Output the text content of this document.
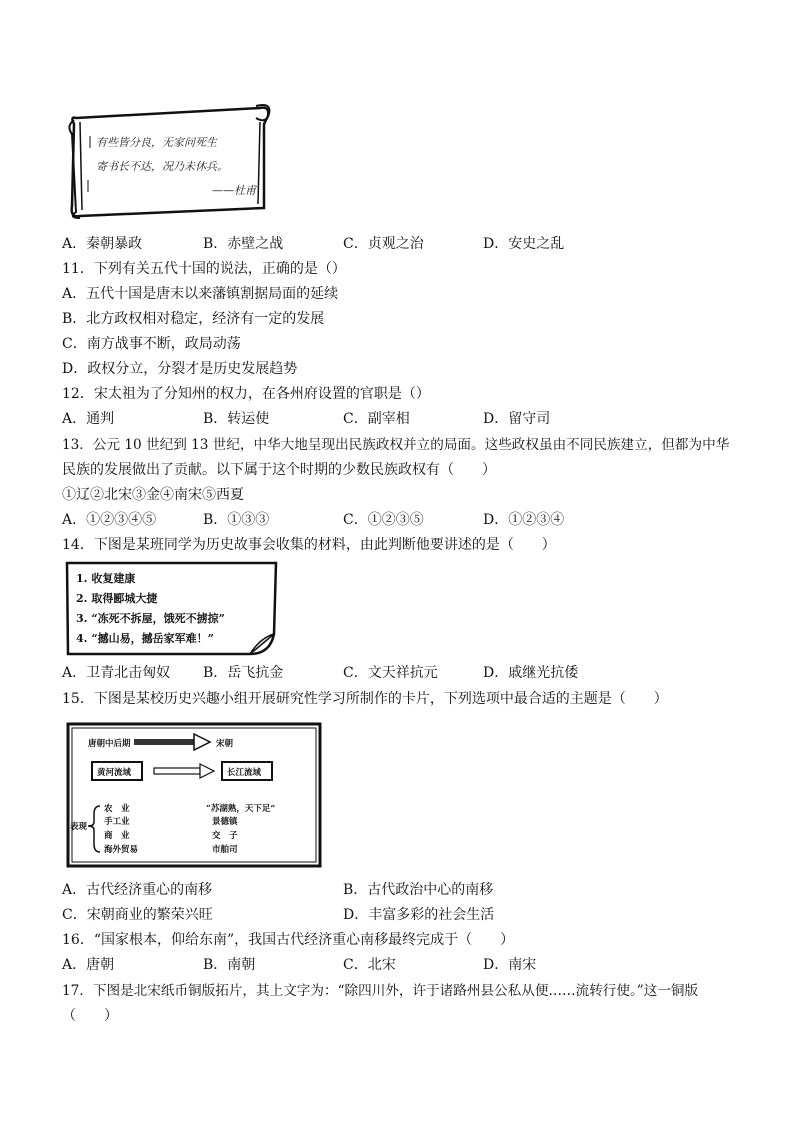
有些皆分良，无家问死生
寄书长不达，况乃未休兵。
——杜甫
A．秦朝暴政	B．赤壁之战	C．贞观之治	D．安史之乱
11．下列有关五代十国的说法，正确的是（）
A．五代十国是唐末以来藩镇割据局面的延续
B．北方政权相对稳定，经济有一定的发展
C．南方战事不断，政局动荡
D．政权分立，分裂才是历史发展趋势
12．宋太祖为了分知州的权力，在各州府设置的官职是（）
A．通判	B．转运使	C．副宰相	D．留守司
13．公元 10 世纪到 13 世纪，中华大地呈现出民族政权并立的局面。这些政权虽由不同民族建立，但都为中华
民族的发展做出了贡献。以下属于这个时期的少数民族政权有（　　）
①辽②北宋③金④南宋⑤西夏
A．①②③④⑤	B．①③③	C．①②③⑤	D．①②③④
14．下图是某班同学为历史故事会收集的材料，由此判断他要讲述的是（　　）
1. 收复建康
2. 取得郾城大捷
3. “冻死不拆屋，饿死不掳掠”
4. “撼山易，撼岳家军难！”
A．卫青北击匈奴 B．岳飞抗金	C．文天祥抗元	D．戚继光抗倭
15．下图是某校历史兴趣小组开展研究性学习所制作的卡片，下列选项中最合适的主题是（　　）
唐朝中后期	宋朝
黄河流域	长江流域
表现
农　业
手工业
商　业
海外贸易
“苏湖熟，天下足”
景德镇
交　子
市舶司
A．古代经济重心的南移	B．古代政治中心的南移
C．宋朝商业的繁荣兴旺	D．丰富多彩的社会生活
16．“国家根本，仰给东南”，我国古代经济重心南移最终完成于（　　）
A．唐朝	B．南朝	C．北宋	D．南宋
17．下图是北宋纸币铜版拓片，其上文字为：“除四川外，许于诸路州县公私从便……流转行使。”这一铜版
（　　）
